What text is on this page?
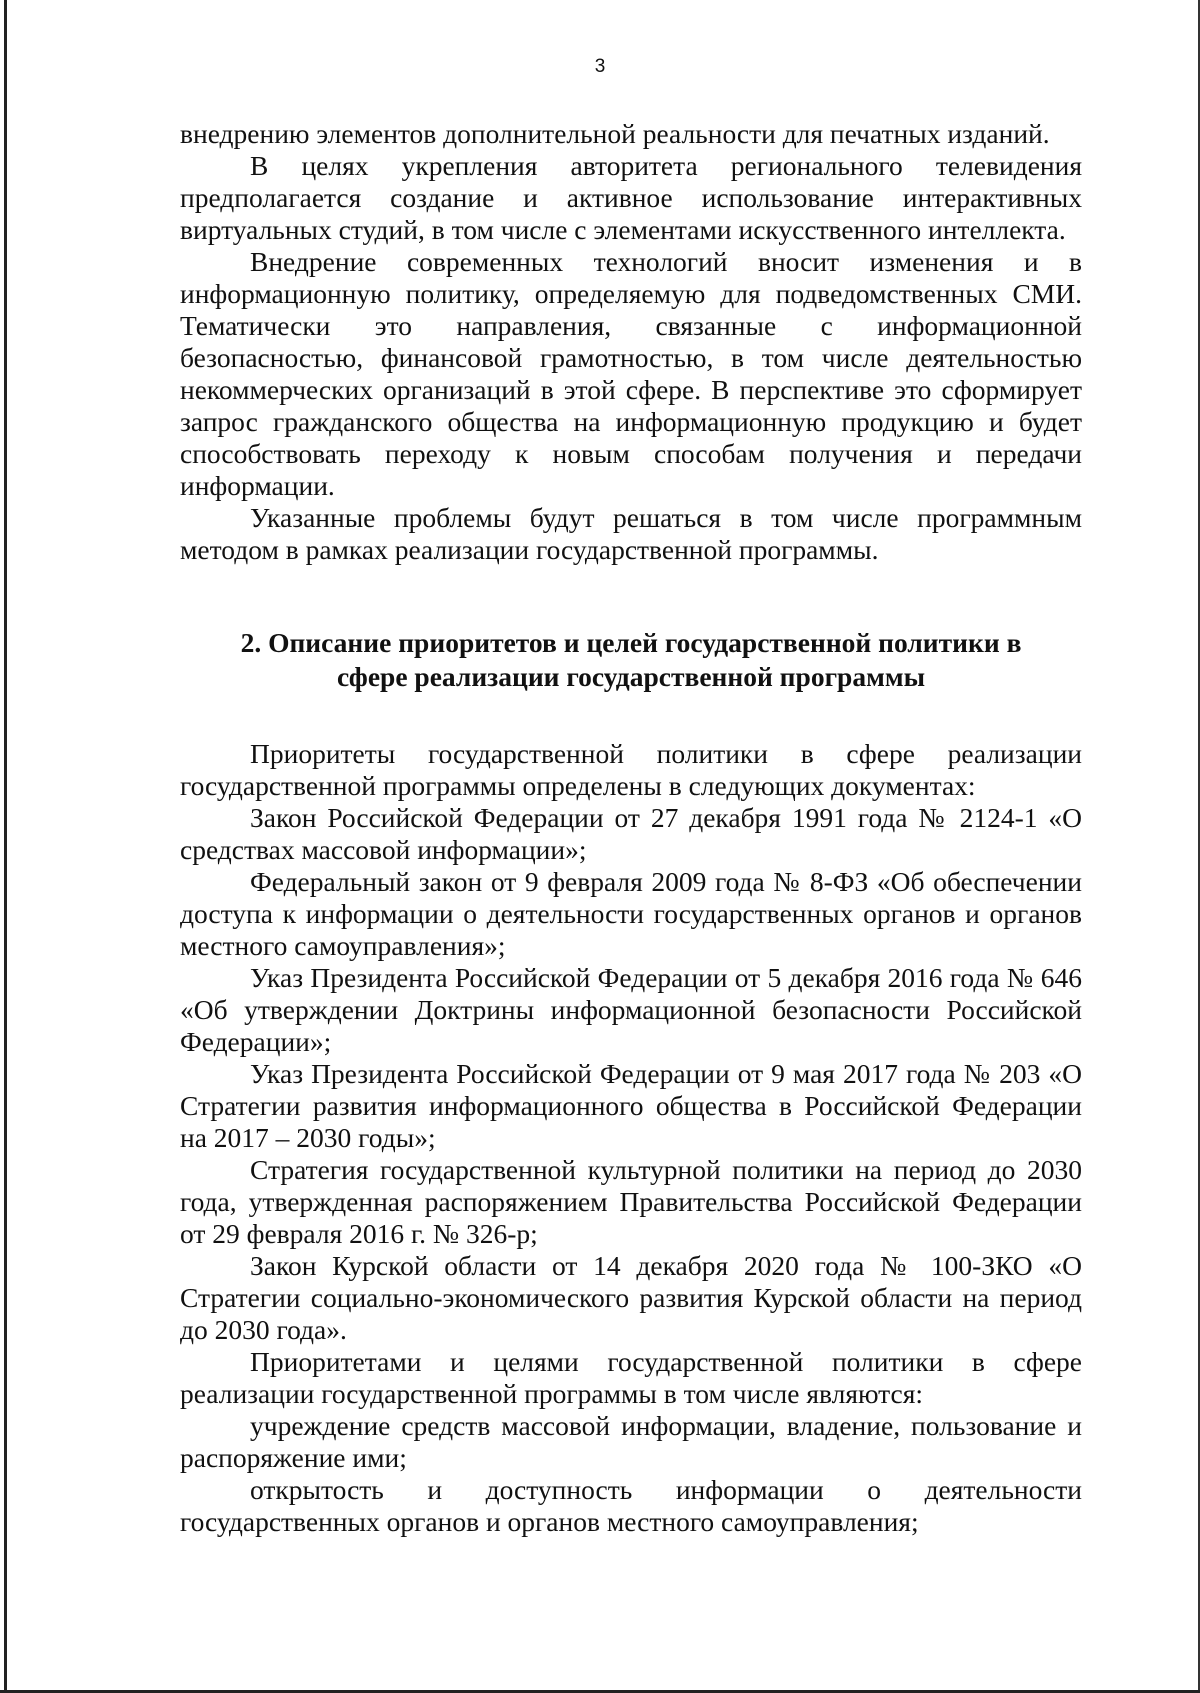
3

внедрению элементов дополнительной реальности для печатных изданий.

В целях укрепления авторитета регионального телевидения предполагается создание и активное использование интерактивных виртуальных студий, в том числе с элементами искусственного интеллекта.

Внедрение современных технологий вносит изменения и в информационную политику, определяемую для подведомственных СМИ. Тематически это направления, связанные с информационной безопасностью, финансовой грамотностью, в том числе деятельностью некоммерческих организаций в этой сфере. В перспективе это сформирует запрос гражданского общества на информационную продукцию и будет способствовать переходу к новым способам получения и передачи информации.

Указанные проблемы будут решаться в том числе программным методом в рамках реализации государственной программы.

2. Описание приоритетов и целей государственной политики в
сфере реализации государственной программы

Приоритеты государственной политики в сфере реализации государственной программы определены в следующих документах:

Закон Российской Федерации от 27 декабря 1991 года № 2124-1 «О средствах массовой информации»;

Федеральный закон от 9 февраля 2009 года № 8-ФЗ «Об обеспечении доступа к информации о деятельности государственных органов и органов местного самоуправления»;

Указ Президента Российской Федерации от 5 декабря 2016 года № 646 «Об утверждении Доктрины информационной безопасности Российской Федерации»;

Указ Президента Российской Федерации от 9 мая 2017 года № 203 «О Стратегии развития информационного общества в Российской Федерации на 2017 – 2030 годы»;

Стратегия государственной культурной политики на период до 2030 года, утвержденная распоряжением Правительства Российской Федерации от 29 февраля 2016 г. № 326-р;

Закон Курской области от 14 декабря 2020 года № 100-ЗКО «О Стратегии социально-экономического развития Курской области на период до 2030 года».

Приоритетами и целями государственной политики в сфере реализации государственной программы в том числе являются:

учреждение средств массовой информации, владение, пользование и распоряжение ими;

открытость и доступность информации о деятельности государственных органов и органов местного самоуправления;
